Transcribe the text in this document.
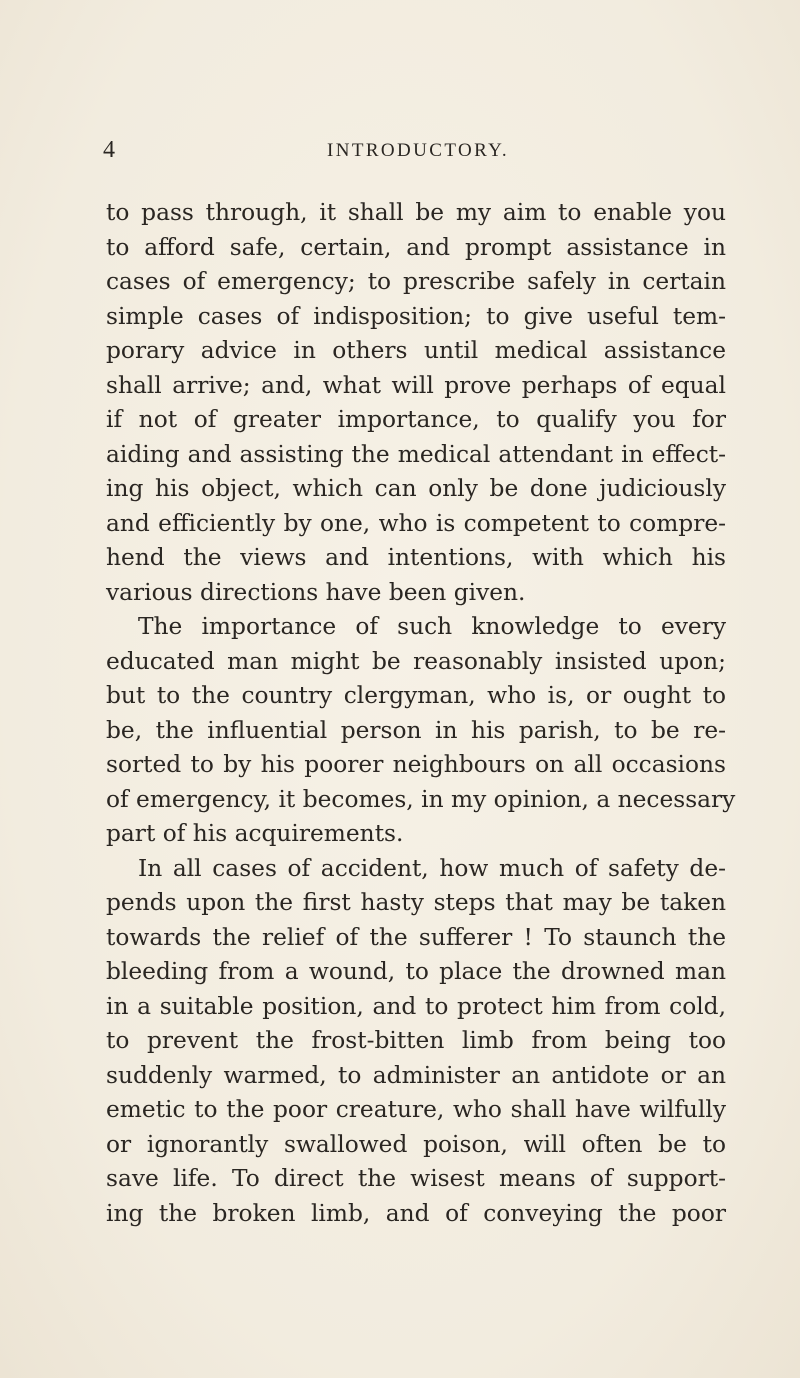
4	INTRODUCTORY.
to pass through, it shall be my aim to enable you
to afford safe, certain, and prompt assistance in
cases of emergency; to prescribe safely in certain
simple cases of indisposition; to give useful tem-
porary advice in others until medical assistance
shall arrive; and, what will prove perhaps of equal
if not of greater importance, to qualify you for
aiding and assisting the medical attendant in effect-
ing his object, which can only be done judiciously
and efficiently by one, who is competent to compre-
hend the views and intentions, with which his
various directions have been given.
The importance of such knowledge to every
educated man might be reasonably insisted upon;
but to the country clergyman, who is, or ought to
be, the influential person in his parish, to be re-
sorted to by his poorer neighbours on all occasions
of emergency, it becomes, in my opinion, a necessary
part of his acquirements.
In all cases of accident, how much of safety de-
pends upon the first hasty steps that may be taken
towards the relief of the sufferer ! To staunch the
bleeding from a wound, to place the drowned man
in a suitable position, and to protect him from cold,
to prevent the frost-bitten limb from being too
suddenly warmed, to administer an antidote or an
emetic to the poor creature, who shall have wilfully
or ignorantly swallowed poison, will often be to
save life. To direct the wisest means of support-
ing the broken limb, and of conveying the poor
